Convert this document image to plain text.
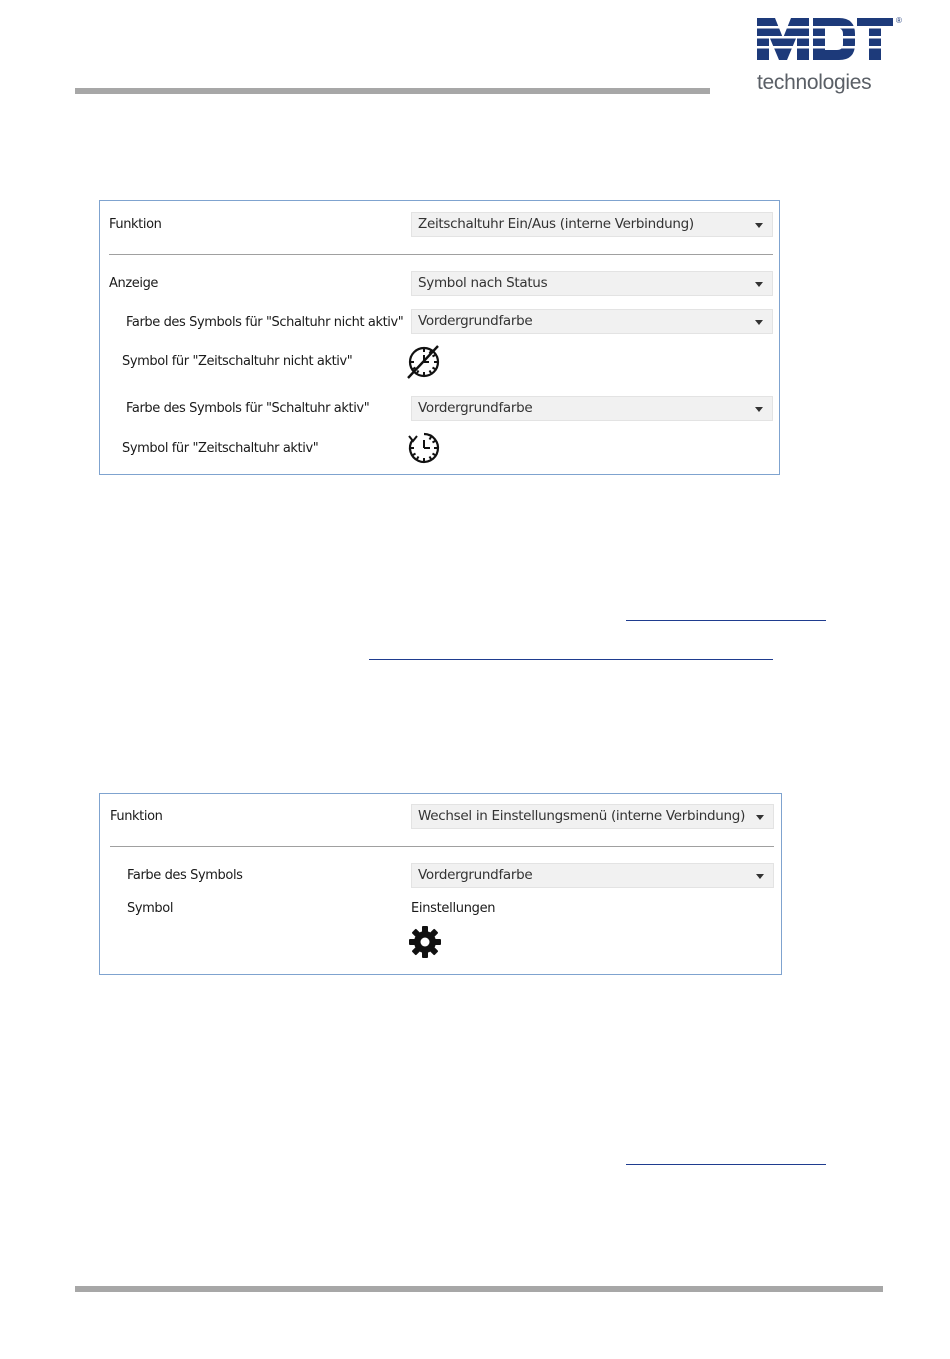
®
technologies
Funktion	Zeitschaltuhr Ein/Aus (interne Verbindung)
Anzeige	Symbol nach Status
Farbe des Symbols für "Schaltuhr nicht aktiv"	Vordergrundfarbe
Symbol für "Zeitschaltuhr nicht aktiv"
Farbe des Symbols für "Schaltuhr aktiv"	Vordergrundfarbe
Symbol für "Zeitschaltuhr aktiv"
Funktion	Wechsel in Einstellungsmenü (interne Verbindung)
Farbe des Symbols	Vordergrundfarbe
Symbol	Einstellungen
